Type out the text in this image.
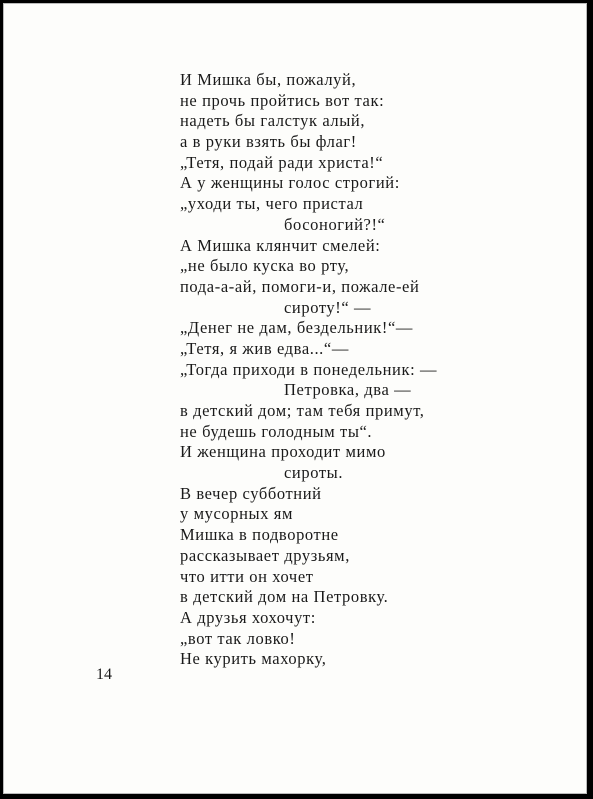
И Мишка бы, пожалуй,
не прочь пройтись вот так:
надеть бы галстук алый,
а в руки взять бы флаг!
„Тетя, подай ради христа!“
А у женщины голос строгий:
„уходи ты, чего пристал
босоногий?!“
А Мишка клянчит смелей:
„не было куска во рту,
пода-а-ай, помоги-и, пожале-ей
сироту!“ —
„Денег не дам, бездельник!“—
„Тетя, я жив едва...“—
„Тогда приходи в понедельник: —
Петровка, два —
в детский дом; там тебя примут,
не будешь голодным ты“.
И женщина проходит мимо
сироты.
В вечер субботний
у мусорных ям
Мишка в подворотне
рассказывает друзьям,
что итти он хочет
в детский дом на Петровку.
А друзья хохочут:
„вот так ловко!
Не курить махорку,
14
